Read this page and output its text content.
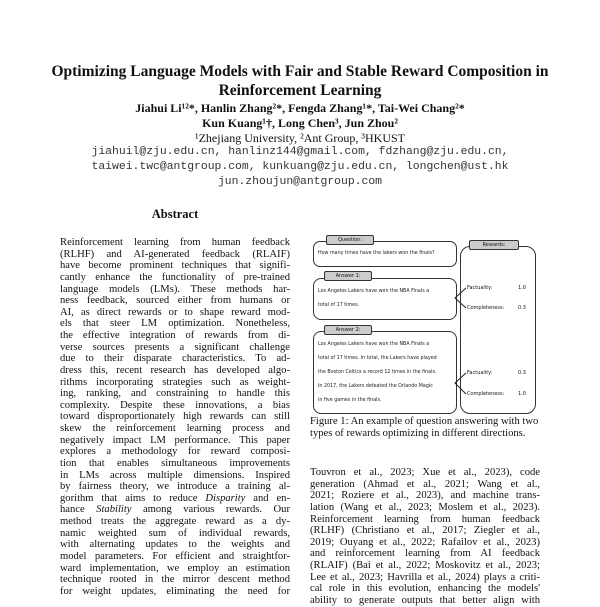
Optimizing Language Models with Fair and Stable Reward Composition in
Reinforcement Learning
Jiahui Li¹²*, Hanlin Zhang²*, Fengda Zhang¹*, Tai-Wei Chang²*
Kun Kuang¹†, Long Chen³, Jun Zhou²
¹Zhejiang University, ²Ant Group, ³HKUST
jiahuil@zju.edu.cn, hanlinz144@gmail.com, fdzhang@zju.edu.cn,
taiwei.twc@antgroup.com, kunkuang@zju.edu.cn, longchen@ust.hk
jun.zhoujun@antgroup.com
Abstract
Reinforcement learning from human feedback
(RLHF) and AI-generated feedback (RLAIF)
have become prominent techniques that signifi-
cantly enhance the functionality of pre-trained
language models (LMs). These methods har-
ness feedback, sourced either from humans or
AI, as direct rewards or to shape reward mod-
els that steer LM optimization. Nonetheless,
the effective integration of rewards from di-
verse sources presents a significant challenge
due to their disparate characteristics. To ad-
dress this, recent research has developed algo-
rithms incorporating strategies such as weight-
ing, ranking, and constraining to handle this
complexity. Despite these innovations, a bias
toward disproportionately high rewards can still
skew the reinforcement learning process and
negatively impact LM performance. This paper
explores a methodology for reward composi-
tion that enables simultaneous improvements
in LMs across multiple dimensions. Inspired
by fairness theory, we introduce a training al-
gorithm that aims to reduce Disparity and en-
hance Stability among various rewards. Our
method treats the aggregate reward as a dy-
namic weighted sum of individual rewards,
with alternating updates to the weights and
model parameters. For efficient and straightfor-
ward implementation, we employ an estimation
technique rooted in the mirror descent method
for weight updates, eliminating the need for
How many times have the lakers won the finals?
Question:
Los Angeles Lakers have won the NBA Finals a
total of 17 times.
Answer 1:
Los Angeles Lakers have won the NBA Finals a
total of 17 times. In total, the Lakers have played
the Boston Celtics a record 12 times in the finals.
In 2017, the Lakers defeated the Orlando Magic
in five games in the finals.
Answer 2:
Rewards:
Factuality:	1.0
Completeness:	0.3
Factuality:	0.3
Completeness:	1.0
Figure 1: An example of question answering with two types of rewards optimizing in different directions.
Touvron et al., 2023; Xue et al., 2023), code
generation (Ahmad et al., 2021; Wang et al.,
2021; Roziere et al., 2023), and machine trans-
lation (Wang et al., 2023; Moslem et al., 2023).
Reinforcement learning from human feedback
(RLHF) (Christiano et al., 2017; Ziegler et al.,
2019; Ouyang et al., 2022; Rafailov et al., 2023)
and reinforcement learning from AI feedback
(RLAIF) (Bai et al., 2022; Moskovitz et al., 2023;
Lee et al., 2023; Havrilla et al., 2024) plays a criti-
cal role in this evolution, enhancing the models'
ability to generate outputs that better align with
